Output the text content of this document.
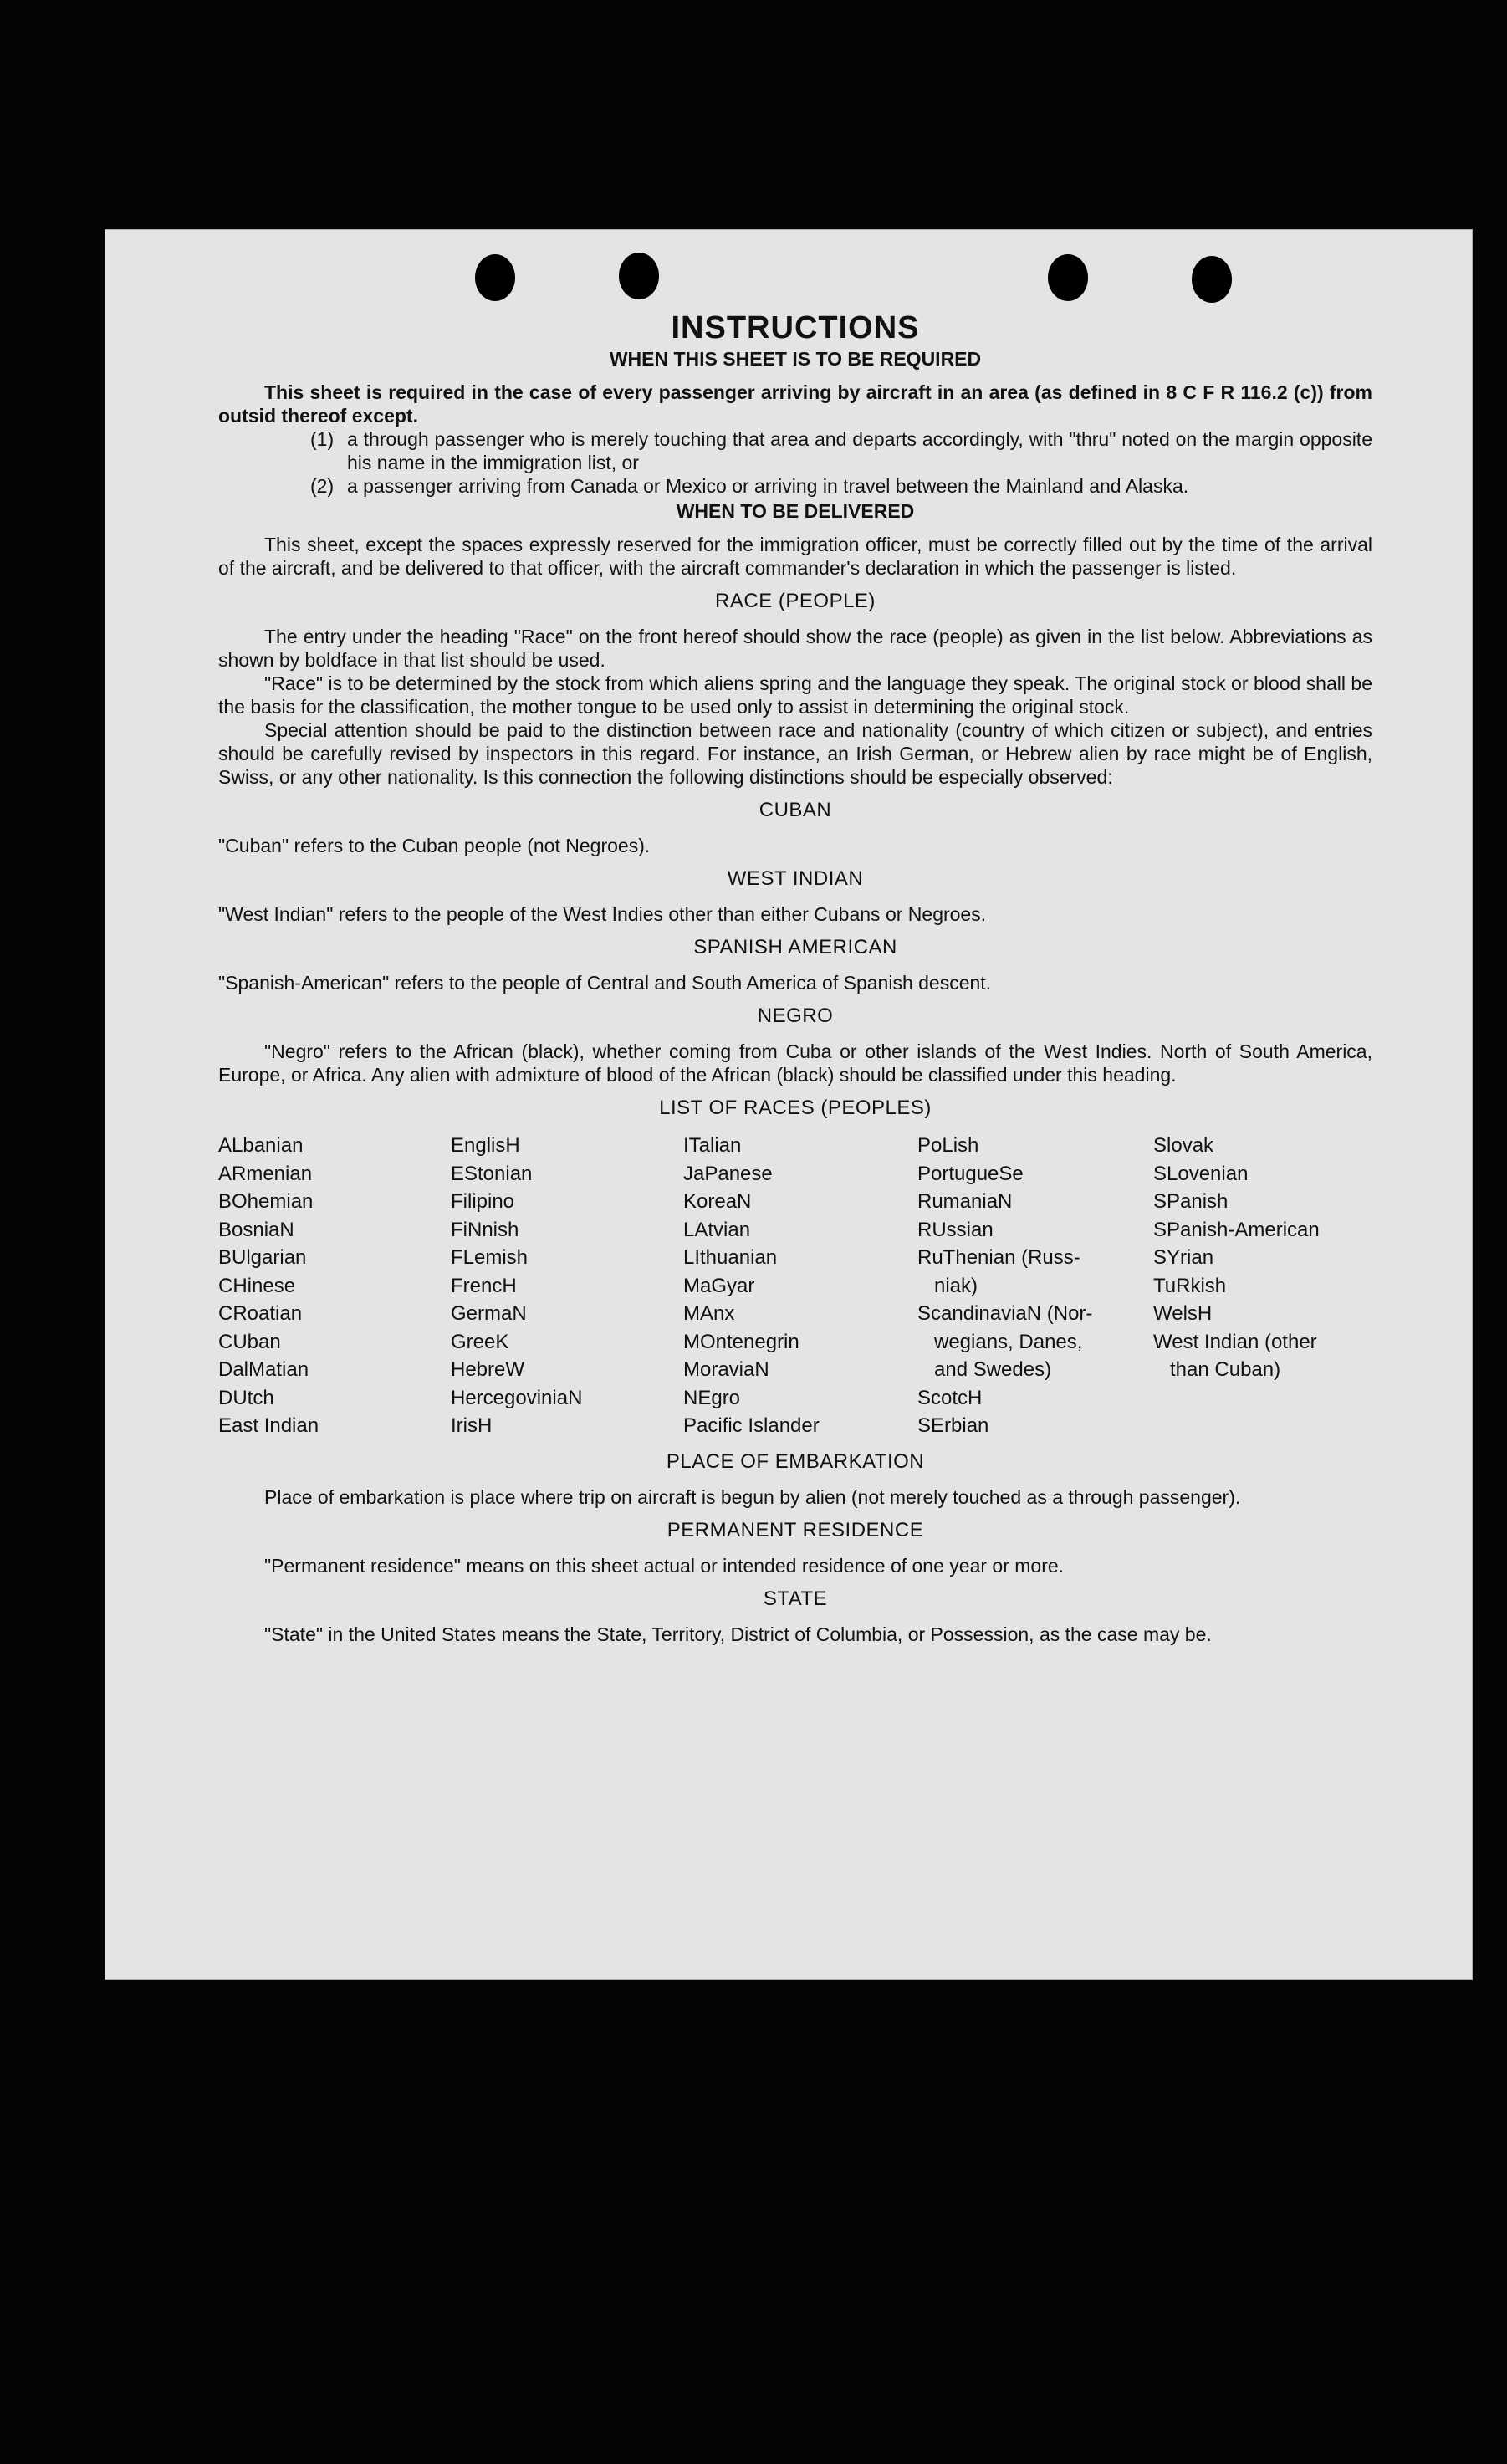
INSTRUCTIONS
WHEN THIS SHEET IS TO BE REQUIRED

This sheet is required in the case of every passenger arriving by aircraft in an area (as defined in 8 C F R 116.2 (c)) from outsid thereof except.

(1) a through passenger who is merely touching that area and departs accordingly, with "thru" noted on the margin opposite his name in the immigration list, or
(2) a passenger arriving from Canada or Mexico or arriving in travel between the Mainland and Alaska.
WHEN TO BE DELIVERED

This sheet, except the spaces expressly reserved for the immigration officer, must be correctly filled out by the time of the arrival of the aircraft, and be delivered to that officer, with the aircraft commander's declaration in which the passenger is listed.

RACE (PEOPLE)

The entry under the heading "Race" on the front hereof should show the race (people) as given in the list below. Abbreviations as shown by boldface in that list should be used.

"Race" is to be determined by the stock from which aliens spring and the language they speak. The original stock or blood shall be the basis for the classification, the mother tongue to be used only to assist in determining the original stock.

Special attention should be paid to the distinction between race and nationality (country of which citizen or subject), and entries should be carefully revised by inspectors in this regard. For instance, an Irish German, or Hebrew alien by race might be of English, Swiss, or any other nationality. Is this connection the following distinctions should be especially observed:

CUBAN

"Cuban" refers to the Cuban people (not Negroes).

WEST INDIAN

"West Indian" refers to the people of the West Indies other than either Cubans or Negroes.

SPANISH AMERICAN

"Spanish-American" refers to the people of Central and South America of Spanish descent.

NEGRO

"Negro" refers to the African (black), whether coming from Cuba or other islands of the West Indies. North of South America, Europe, or Africa. Any alien with admixture of blood of the African (black) should be classified under this heading.

LIST OF RACES (PEOPLES)
ALbanian	EnglisH	ITalian	PoLish	Slovak
ARmenian	EStonian	JaPanese	PortugueSe	SLovenian
BOhemian	Filipino	KoreaN	RumaniaN	SPanish
BosniaN	FiNnish	LAtvian	RUssian	SPanish-American
BUlgarian	FLemish	LIthuanian	RuThenian (Russ-	SYrian
CHinese	FrencH	MaGyar	niak)	TuRkish
CRoatian	GermaN	MAnx	ScandinaviaN (Nor-	WelsH
CUban	GreeK	MOntenegrin	wegians, Danes,	West Indian (other
DalMatian	HebreW	MoraviaN	and Swedes)	than Cuban)
DUtch	HercegoviniaN	NEgro	ScotcH
East Indian	IrisH	Pacific Islander	SErbian
PLACE OF EMBARKATION

Place of embarkation is place where trip on aircraft is begun by alien (not merely touched as a through passenger).

PERMANENT RESIDENCE

"Permanent residence" means on this sheet actual or intended residence of one year or more.

STATE

"State" in the United States means the State, Territory, District of Columbia, or Possession, as the case may be.
